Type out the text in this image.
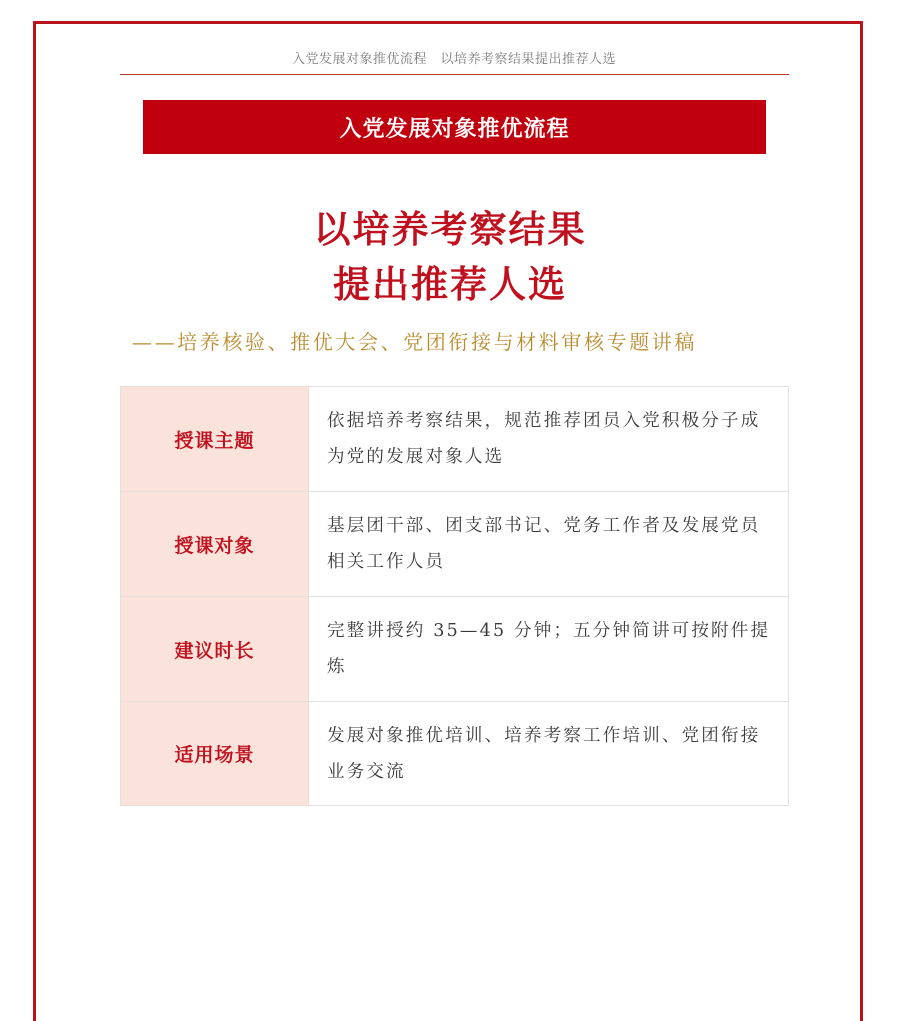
入党发展对象推优流程　以培养考察结果提出推荐人选
入党发展对象推优流程
以培养考察结果
提出推荐人选
——培养核验、推优大会、党团衔接与材料审核专题讲稿
授课主题
依据培养考察结果，规范推荐团员入党积极分子成为党的发展对象人选
授课对象
基层团干部、团支部书记、党务工作者及发展党员相关工作人员
建议时长
完整讲授约 35—45 分钟；五分钟简讲可按附件提炼
适用场景
发展对象推优培训、培养考察工作培训、党团衔接业务交流
